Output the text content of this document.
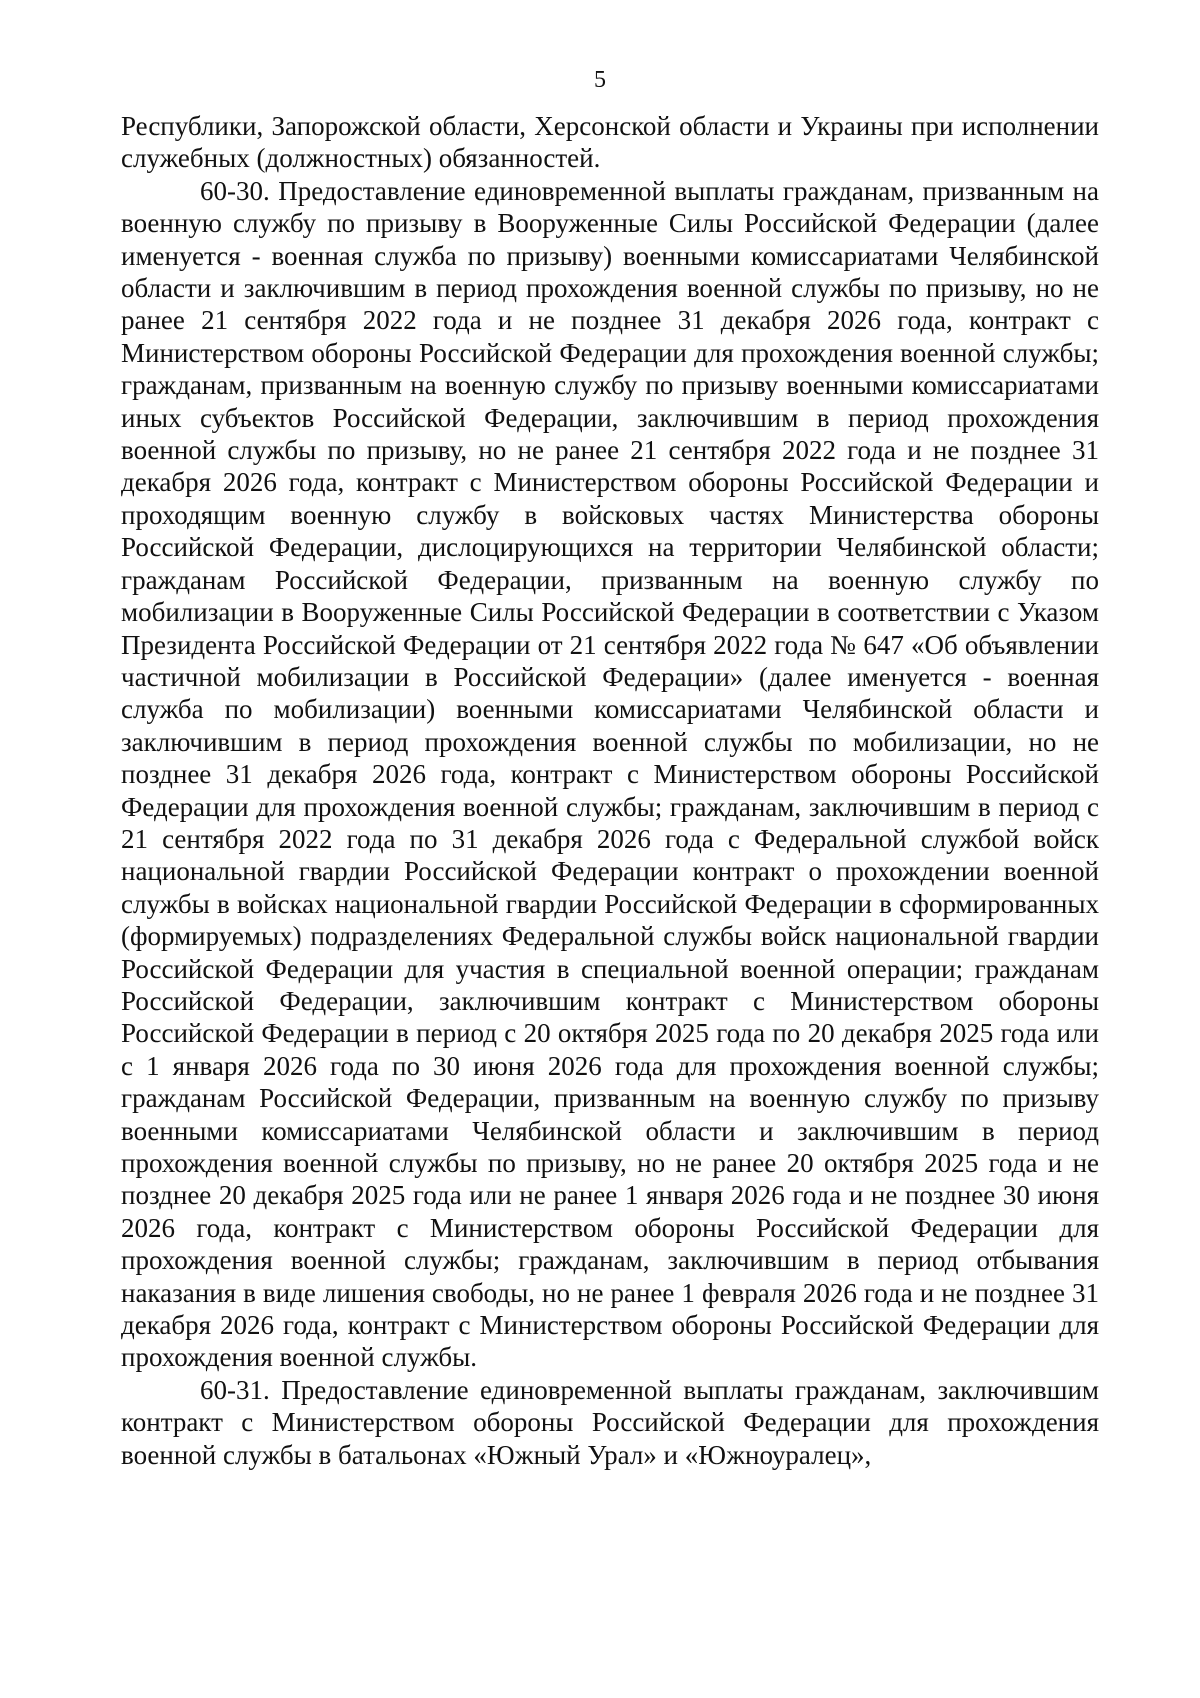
5

Республики, Запорожской области, Херсонской области и Украины при исполнении служебных (должностных) обязанностей.

60-30. Предоставление единовременной выплаты гражданам, призванным на военную службу по призыву в Вооруженные Силы Российской Федерации (далее именуется - военная служба по призыву) военными комиссариатами Челябинской области и заключившим в период прохождения военной службы по призыву, но не ранее 21 сентября 2022 года и не позднее 31 декабря 2026 года, контракт с Министерством обороны Российской Федерации для прохождения военной службы; гражданам, призванным на военную службу по призыву военными комиссариатами иных субъектов Российской Федерации, заключившим в период прохождения военной службы по призыву, но не ранее 21 сентября 2022 года и не позднее 31 декабря 2026 года, контракт с Министерством обороны Российской Федерации и проходящим военную службу в войсковых частях Министерства обороны Российской Федерации, дислоцирующихся на территории Челябинской области; гражданам Российской Федерации, призванным на военную службу по мобилизации в Вооруженные Силы Российской Федерации в соответствии с Указом Президента Российской Федерации от 21 сентября 2022 года № 647 «Об объявлении частичной мобилизации в Российской Федерации» (далее именуется - военная служба по мобилизации) военными комиссариатами Челябинской области и заключившим в период прохождения военной службы по мобилизации, но не позднее 31 декабря 2026 года, контракт с Министерством обороны Российской Федерации для прохождения военной службы; гражданам, заключившим в период с 21 сентября 2022 года по 31 декабря 2026 года с Федеральной службой войск национальной гвардии Российской Федерации контракт о прохождении военной службы в войсках национальной гвардии Российской Федерации в сформированных (формируемых) подразделениях Федеральной службы войск национальной гвардии Российской Федерации для участия в специальной военной операции; гражданам Российской Федерации, заключившим контракт с Министерством обороны Российской Федерации в период с 20 октября 2025 года по 20 декабря 2025 года или с 1 января 2026 года по 30 июня 2026 года для прохождения военной службы; гражданам Российской Федерации, призванным на военную службу по призыву военными комиссариатами Челябинской области и заключившим в период прохождения военной службы по призыву, но не ранее 20 октября 2025 года и не позднее 20 декабря 2025 года или не ранее 1 января 2026 года и не позднее 30 июня 2026 года, контракт с Министерством обороны Российской Федерации для прохождения военной службы; гражданам, заключившим в период отбывания наказания в виде лишения свободы, но не ранее 1 февраля 2026 года и не позднее 31 декабря 2026 года, контракт с Министерством обороны Российской Федерации для прохождения военной службы.

60-31. Предоставление единовременной выплаты гражданам, заключившим контракт с Министерством обороны Российской Федерации для прохождения военной службы в батальонах «Южный Урал» и «Южноуралец»,
